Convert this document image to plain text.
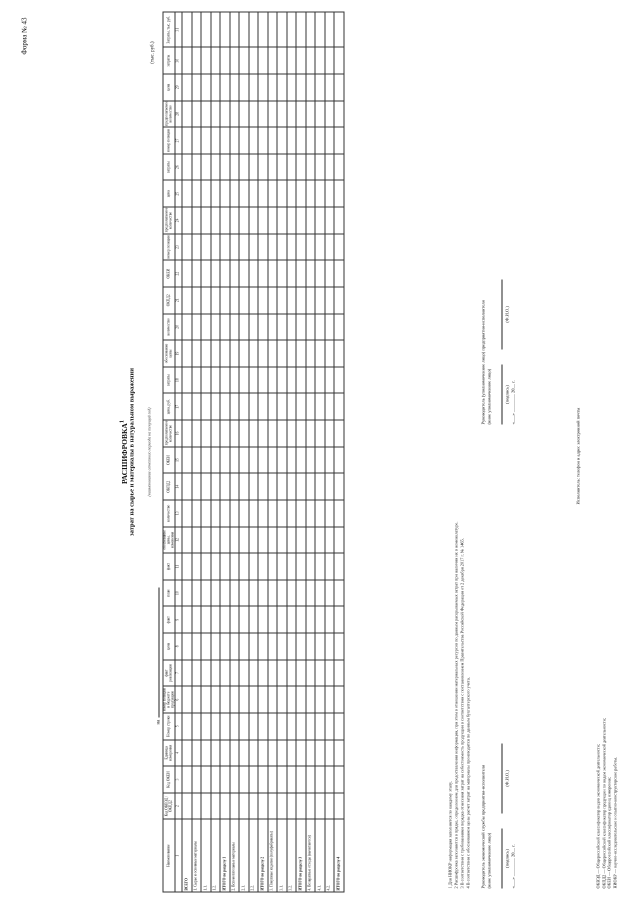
Форма № 43
РАСШИФРОВКА$^1$ затрат на сырье и материалы в натуральном выражении	(наименование отчетного периода на текущий год)
на
(тыс. руб.)
Наименование	Код ОКВЭД / ОКПД2	Код ОКЕИ	Единица измерения	Номер строки	номер позиции в бюджете продукции	факт реализации	цена	факт	план	факт	обоснование цены, изменения	количество	ОКПД2	ОКЕИ	предполагаемое количество	цена, руб.	затраты	обоснование цены	количество	ОКПД2	ОКЕИ	номер позиции	предполагаемое количество	цена	затраты	номер позиции	предполагаемое количество	цена	затраты	Затраты, тыс. руб.
1	2	3	4	5	6	7	8	9	10	11	12	13	14	15	16	17	18	19	20	21	22	23	24	25	26	27	28	29	30	31
ВСЕГО																														
1. Сырье и основные материалы																														
1.1.																														
1.2.																														
ИТОГО по разделу 1																														
2. Вспомогательные материалы																														
2.1.																														
2.2.																														
ИТОГО по разделу 2																														
3. Покупные изделия (полуфабрикаты)																														
3.1.																														
3.2.																														
ИТОГО по разделу 3																														
4. Возвратные отходы (вычитаются)																														
4.1.																														
4.2.																														
ИТОГО по разделу 4																															1 Для НИОКР информация заполняется по каждому этапу. 2 Расшифровка заполняется в прядке, определенном для предоставления информации, при этом в отношении материальных ресурсов по данным раскрываемых затрат при наличии их в номенклатуре. 3 В соответствии с требованиями порядка отнесения затрат на себестоимость продукции в соответствии с постановлением Правительства Российской Федерации от 2 декабря 2017 г. № 1465. 4 В соответствии с обоснованием цены расчет затрат на материалы производится по данным бухгалтерского учета. Руководитель экономической службы предприятия-исполнителя (иное уполномоченное лицо)
	(подпись) (Ф.И.О.)
«___» ________ 20__ г.
Руководитель (уполномоченное лицо) предприятия-исполнителя (иное уполномоченное лицо)
	(подпись) (Ф.И.О.)
«___» ________ 20__ г.
Исполнитель: телефон и адрес электронной почты
ОКВЭД — Общероссийский классификатор видов экономической деятельности; ОКПД2 — Общероссийский классификатор продукции по видам экономической деятельности; ОКЕИ — Общероссийский классификатор единиц измерения; НИОКР — научно-исследовательские и опытно-конструкторские работы.
